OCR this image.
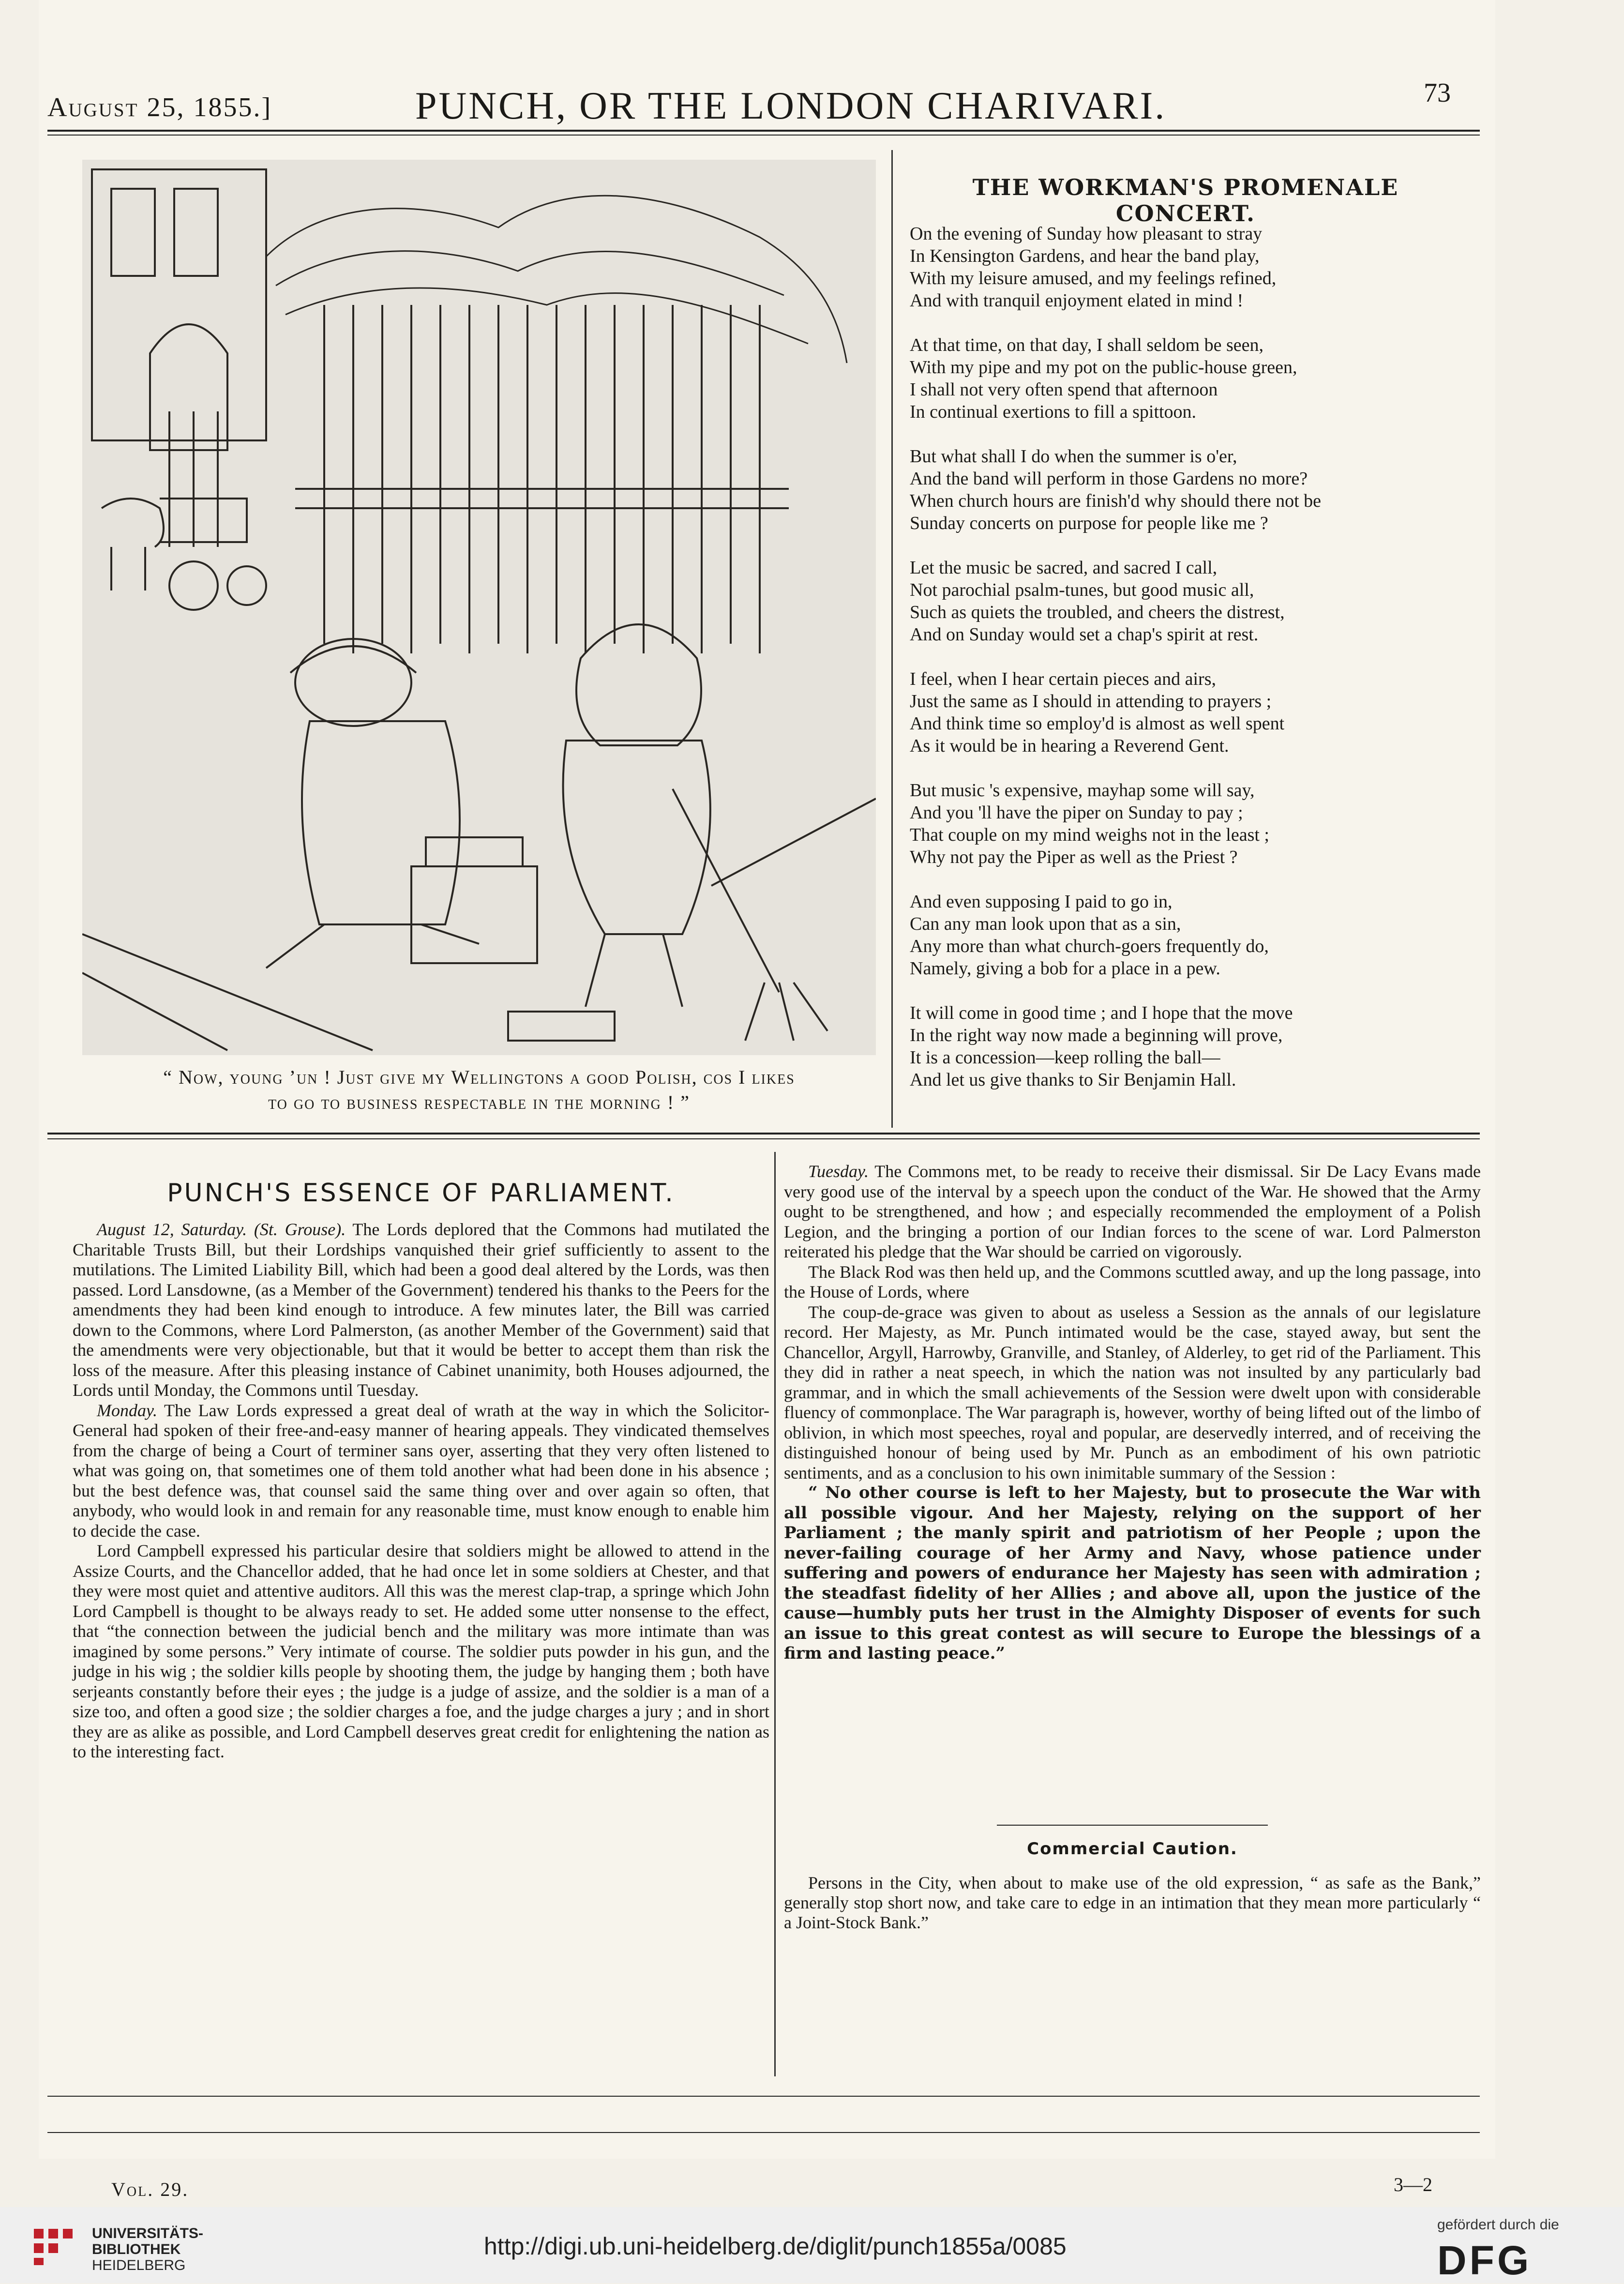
August 25, 1855.]	PUNCH, OR THE LONDON CHARIVARI.	73
“ Now, young ’un ! Just give my Wellingtons a good Polish, cos I likes
to go to business respectable in the morning ! ”
THE WORKMAN'S PROMENALE CONCERT.
On the evening of Sunday how pleasant to stray
In Kensington Gardens, and hear the band play,
With my leisure amused, and my feelings refined,
And with tranquil enjoyment elated in mind !
At that time, on that day, I shall seldom be seen,
With my pipe and my pot on the public-house green,
I shall not very often spend that afternoon
In continual exertions to fill a spittoon.
But what shall I do when the summer is o'er,
And the band will perform in those Gardens no more?
When church hours are finish'd why should there not be
Sunday concerts on purpose for people like me ?
Let the music be sacred, and sacred I call,
Not parochial psalm-tunes, but good music all,
Such as quiets the troubled, and cheers the distrest,
And on Sunday would set a chap's spirit at rest.
I feel, when I hear certain pieces and airs,
Just the same as I should in attending to prayers ;
And think time so employ'd is almost as well spent
As it would be in hearing a Reverend Gent.
But music 's expensive, mayhap some will say,
And you 'll have the piper on Sunday to pay ;
That couple on my mind weighs not in the least ;
Why not pay the Piper as well as the Priest ?
And even supposing I paid to go in,
Can any man look upon that as a sin,
Any more than what church-goers frequently do,
Namely, giving a bob for a place in a pew.
It will come in good time ; and I hope that the move
In the right way now made a beginning will prove,
It is a concession—keep rolling the ball—
And let us give thanks to Sir Benjamin Hall.
PUNCH'S ESSENCE OF PARLIAMENT.

August 12, Saturday. (St. Grouse). The Lords deplored that the Commons had mutilated the Charitable Trusts Bill, but their Lordships vanquished their grief sufficiently to assent to the mutilations. The Limited Liability Bill, which had been a good deal altered by the Lords, was then passed. Lord Lansdowne, (as a Member of the Government) tendered his thanks to the Peers for the amendments they had been kind enough to introduce. A few minutes later, the Bill was carried down to the Commons, where Lord Palmerston, (as another Member of the Government) said that the amendments were very objectionable, but that it would be better to accept them than risk the loss of the measure. After this pleasing instance of Cabinet unanimity, both Houses adjourned, the Lords until Monday, the Commons until Tuesday.

Monday. The Law Lords expressed a great deal of wrath at the way in which the Solicitor-General had spoken of their free-and-easy manner of hearing appeals. They vindicated themselves from the charge of being a Court of terminer sans oyer, asserting that they very often listened to what was going on, that sometimes one of them told another what had been done in his absence ; but the best defence was, that counsel said the same thing over and over again so often, that anybody, who would look in and remain for any reasonable time, must know enough to enable him to decide the case.

Lord Campbell expressed his particular desire that soldiers might be allowed to attend in the Assize Courts, and the Chancellor added, that he had once let in some soldiers at Chester, and that they were most quiet and attentive auditors. All this was the merest clap-trap, a springe which John Lord Campbell is thought to be always ready to set. He added some utter nonsense to the effect, that “the connection between the judicial bench and the military was more intimate than was imagined by some persons.” Very intimate of course. The soldier puts powder in his gun, and the judge in his wig ; the soldier kills people by shooting them, the judge by hanging them ; both have serjeants constantly before their eyes ; the judge is a judge of assize, and the soldier is a man of a size too, and often a good size ; the soldier charges a foe, and the judge charges a jury ; and in short they are as alike as possible, and Lord Campbell deserves great credit for enlightening the nation as to the interesting fact.

Tuesday. The Commons met, to be ready to receive their dismissal. Sir De Lacy Evans made very good use of the interval by a speech upon the conduct of the War. He showed that the Army ought to be strengthened, and how ; and especially recommended the employment of a Polish Legion, and the bringing a portion of our Indian forces to the scene of war. Lord Palmerston reiterated his pledge that the War should be carried on vigorously.

The Black Rod was then held up, and the Commons scuttled away, and up the long passage, into the House of Lords, where

The coup-de-grace was given to about as useless a Session as the annals of our legislature record. Her Majesty, as Mr. Punch intimated would be the case, stayed away, but sent the Chancellor, Argyll, Harrowby, Granville, and Stanley, of Alderley, to get rid of the Parliament. This they did in rather a neat speech, in which the nation was not insulted by any particularly bad grammar, and in which the small achievements of the Session were dwelt upon with considerable fluency of commonplace. The War paragraph is, however, worthy of being lifted out of the limbo of oblivion, in which most speeches, royal and popular, are deservedly interred, and of receiving the distinguished honour of being used by Mr. Punch as an embodiment of his own patriotic sentiments, and as a conclusion to his own inimitable summary of the Session :

“ No other course is left to her Majesty, but to prosecute the War with all possible vigour. And her Majesty, relying on the support of her Parliament ; the manly spirit and patriotism of her People ; upon the never-failing courage of her Army and Navy, whose patience under suffering and powers of endurance her Majesty has seen with admiration ; the steadfast fidelity of her Allies ; and above all, upon the justice of the cause—humbly puts her trust in the Almighty Disposer of events for such an issue to this great contest as will secure to Europe the blessings of a firm and lasting peace.”

Commercial Caution.

Persons in the City, when about to make use of the old expression, “ as safe as the Bank,” generally stop short now, and take care to edge in an intimation that they mean more particularly “ a Joint-Stock Bank.”

Vol. 29.	3—2
UNIVERSITÄTS-
BIBLIOTHEK
HEIDELBERG
http://digi.ub.uni-heidelberg.de/diglit/punch1855a/0085
gefördert durch die
DFG
